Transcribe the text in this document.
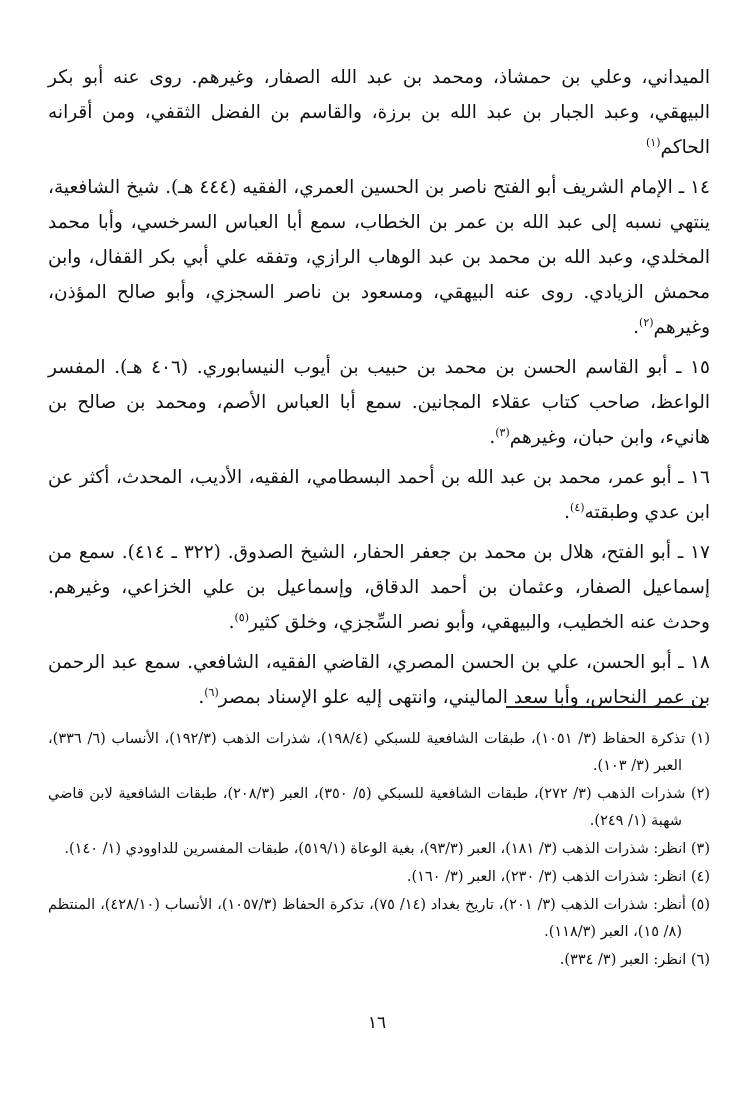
الميداني، وعلي بن حمشاذ، ومحمد بن عبد الله الصفار، وغيرهم. روى عنه أبو بكر البيهقي، وعبد الجبار بن عبد الله بن برزة، والقاسم بن الفضل الثقفي، ومن أقرانه الحاكم$^{(١)}$

١٤ ـ الإمام الشريف أبو الفتح ناصر بن الحسين العمري، الفقيه (٤٤٤ هـ). شيخ الشافعية، ينتهي نسبه إلى عبد الله بن عمر بن الخطاب، سمع أبا العباس السرخسي، وأبا محمد المخلدي، وعبد الله بن محمد بن عبد الوهاب الرازي، وتفقه علي أبي بكر القفال، وابن محمش الزيادي. روى عنه البيهقي، ومسعود بن ناصر السجزي، وأبو صالح المؤذن، وغيرهم$^{(٢)}$.

١٥ ـ أبو القاسم الحسن بن محمد بن حبيب بن أيوب النيسابوري. (٤٠٦ هـ). المفسر الواعظ، صاحب كتاب عقلاء المجانين. سمع أبا العباس الأصم، ومحمد بن صالح بن هانيء، وابن حبان، وغيرهم$^{(٣)}$.

١٦ ـ أبو عمر، محمد بن عبد الله بن أحمد البسطامي، الفقيه، الأديب، المحدث، أكثر عن ابن عدي وطبقته$^{(٤)}$.

١٧ ـ أبو الفتح، هلال بن محمد بن جعفر الحفار، الشيخ الصدوق. (٣٢٢ ـ ٤١٤). سمع من إسماعيل الصفار، وعثمان بن أحمد الدقاق، وإسماعيل بن علي الخزاعي، وغيرهم. وحدث عنه الخطيب، والبيهقي، وأبو نصر السِّجزي، وخلق كثير$^{(٥)}$.

١٨ ـ أبو الحسن، علي بن الحسن المصري، القاضي الفقيه، الشافعي. سمع عبد الرحمن بن عمر النحاس، وأبا سعد الماليني، وانتهى إليه علو الإسناد بمصر$^{(٦)}$.

(١) تذكرة الحفاظ (٣/ ١٠٥١)، طبقات الشافعية للسبكي (١٩٨/٤)، شذرات الذهب (١٩٢/٣)، الأنساب (٦/ ٣٣٦)، العبر (٣/ ١٠٣).

(٢) شذرات الذهب (٣/ ٢٧٢)، طبقات الشافعية للسبكي (٥/ ٣٥٠)، العبر (٢٠٨/٣)، طبقات الشافعية لابن قاضي شهبة (١/ ٢٤٩).

(٣) انظر: شذرات الذهب (٣/ ١٨١)، العبر (٩٣/٣)، بغية الوعاة (٥١٩/١)، طبقات المفسرين للداوودي (١/ ١٤٠).

(٤) انظر: شذرات الذهب (٣/ ٢٣٠)، العبر (٣/ ١٦٠).

(٥) أنظر: شذرات الذهب (٣/ ٢٠١)، تاريخ بغداد (١٤/ ٧٥)، تذكرة الحفاظ (١٠٥٧/٣)، الأنساب (٤٢٨/١٠)، المنتظم (٨/ ١٥)، العبر (١١٨/٣).

(٦) انظر: العبر (٣/ ٣٣٤).

١٦
